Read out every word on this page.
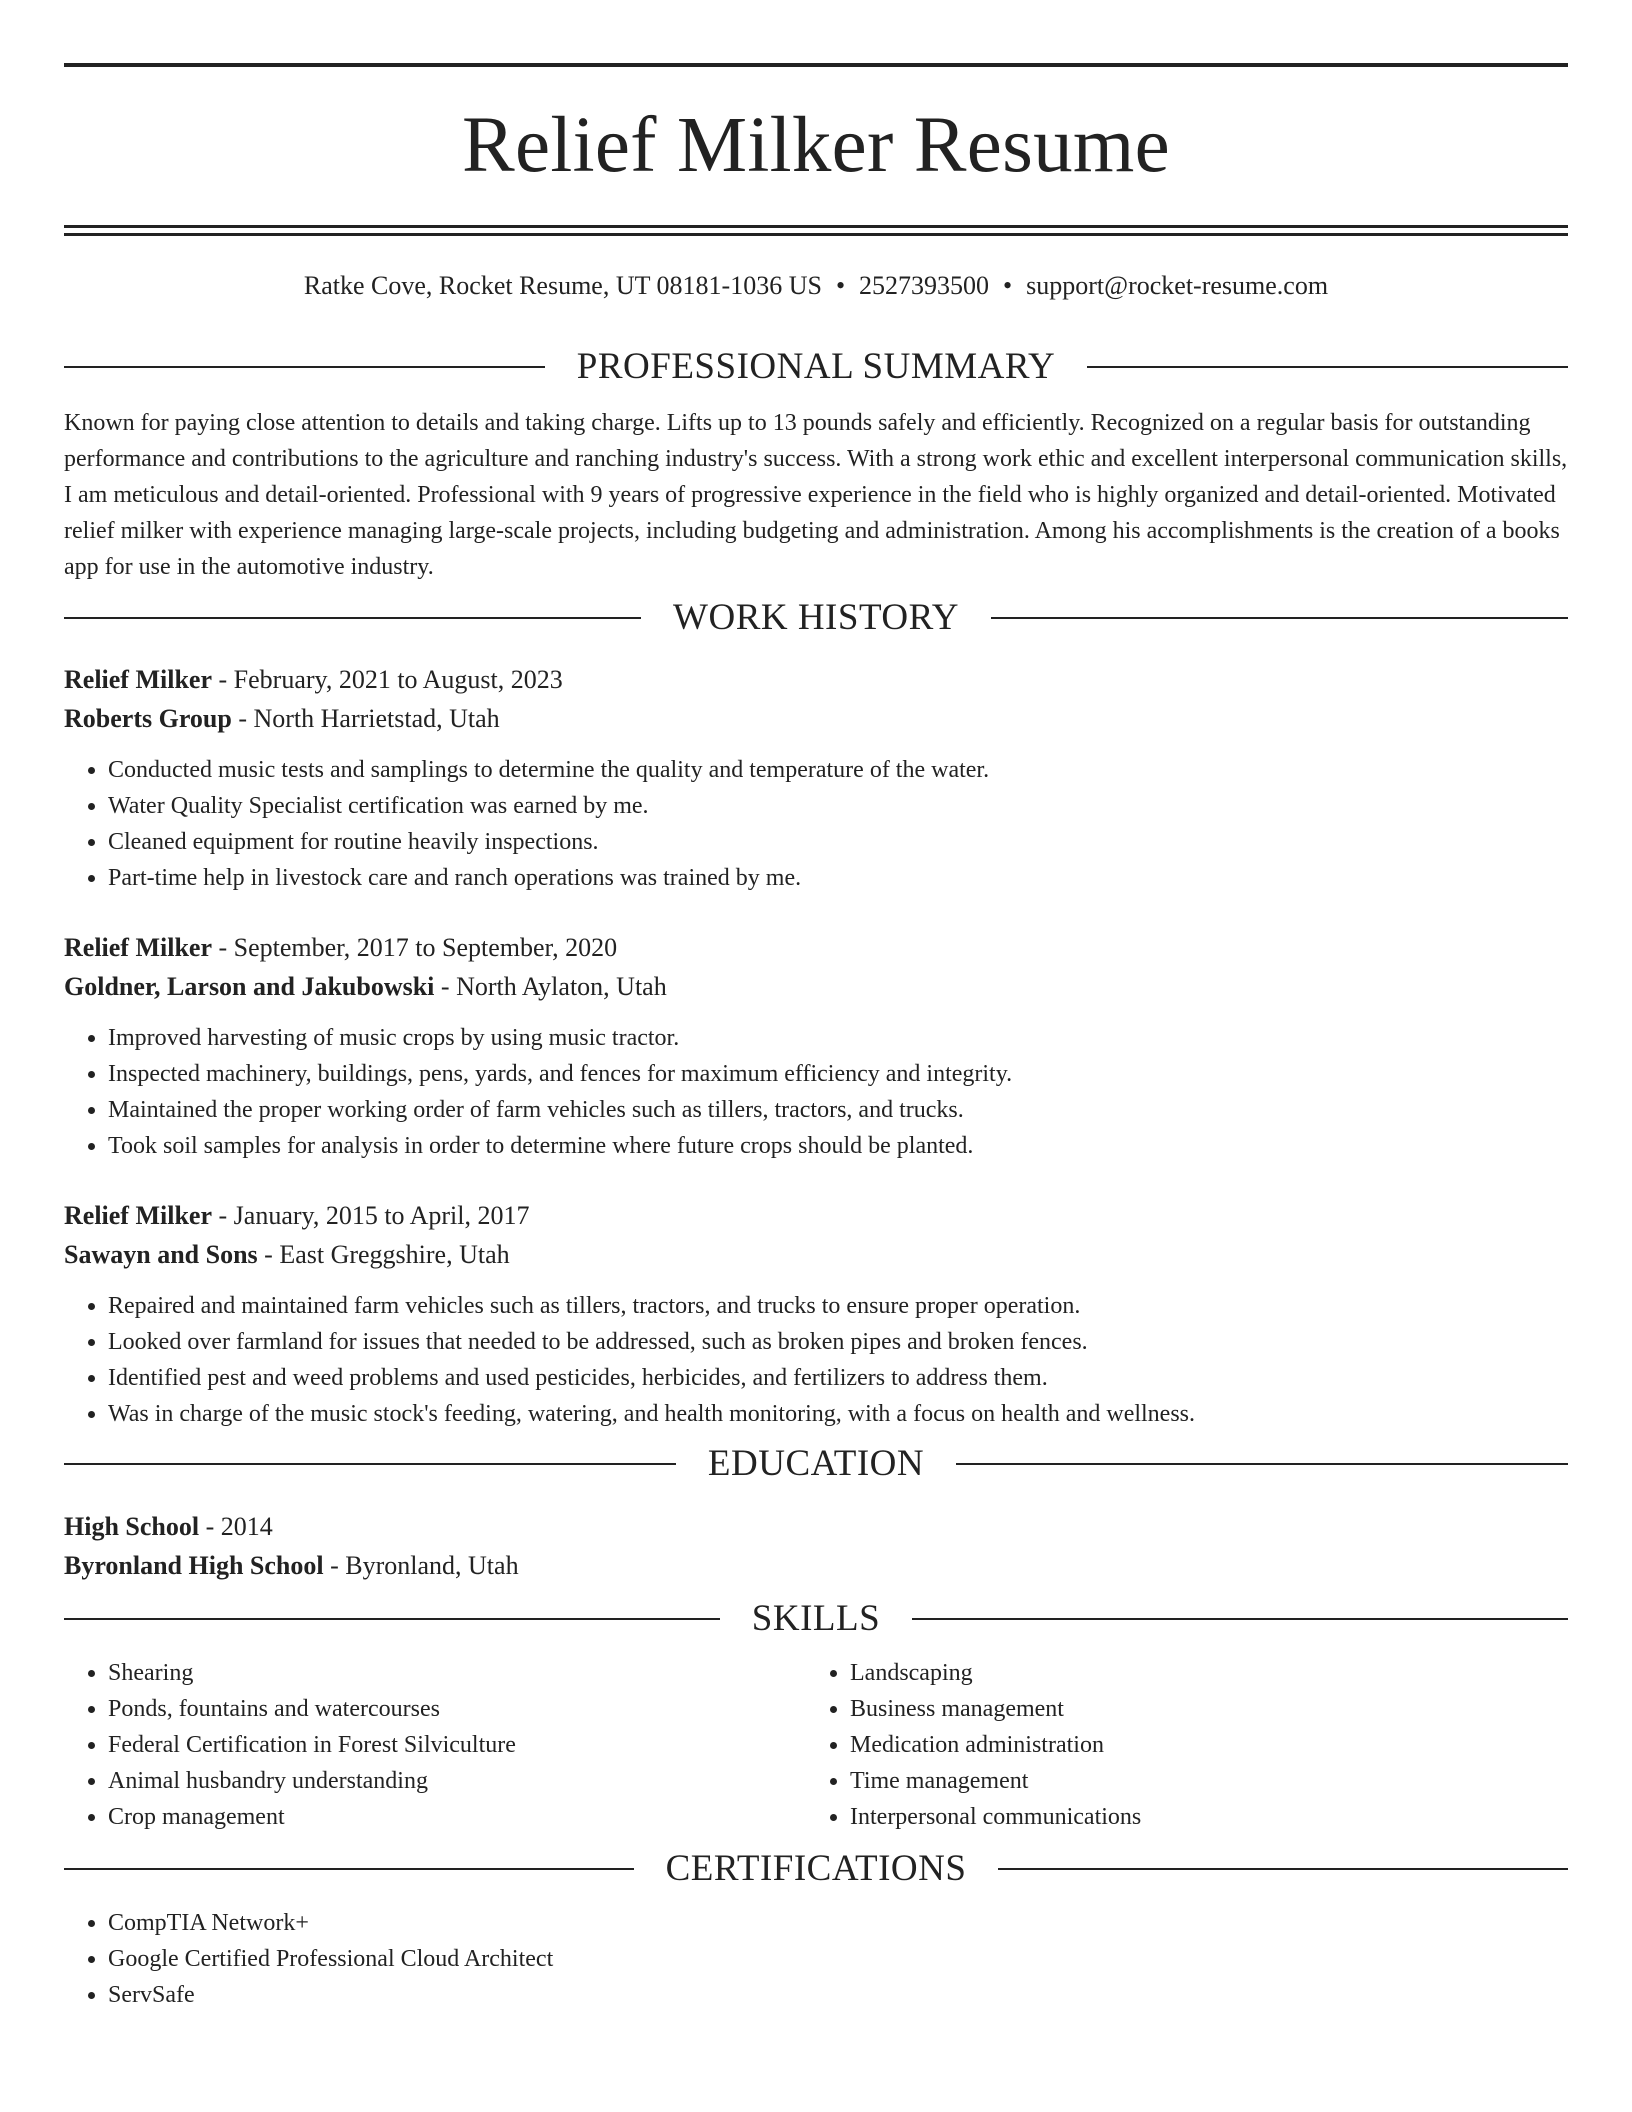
Relief Milker Resume
Ratke Cove, Rocket Resume, UT 08181-1036 US • 2527393500 • support@rocket-resume.com
PROFESSIONAL SUMMARY

Known for paying close attention to details and taking charge. Lifts up to 13 pounds safely and efficiently. Recognized on a regular basis for outstanding performance and contributions to the agriculture and ranching industry's success. With a strong work ethic and excellent interpersonal communication skills, I am meticulous and detail-oriented. Professional with 9 years of progressive experience in the field who is highly organized and detail-oriented. Motivated relief milker with experience managing large-scale projects, including budgeting and administration. Among his accomplishments is the creation of a books app for use in the automotive industry.

WORK HISTORY
Relief Milker - February, 2021 to August, 2023
Roberts Group - North Harrietstad, Utah
• Conducted music tests and samplings to determine the quality and temperature of the water.
• Water Quality Specialist certification was earned by me.
• Cleaned equipment for routine heavily inspections.
• Part-time help in livestock care and ranch operations was trained by me.
Relief Milker - September, 2017 to September, 2020
Goldner, Larson and Jakubowski - North Aylaton, Utah
• Improved harvesting of music crops by using music tractor.
• Inspected machinery, buildings, pens, yards, and fences for maximum efficiency and integrity.
• Maintained the proper working order of farm vehicles such as tillers, tractors, and trucks.
• Took soil samples for analysis in order to determine where future crops should be planted.
Relief Milker - January, 2015 to April, 2017
Sawayn and Sons - East Greggshire, Utah
• Repaired and maintained farm vehicles such as tillers, tractors, and trucks to ensure proper operation.
• Looked over farmland for issues that needed to be addressed, such as broken pipes and broken fences.
• Identified pest and weed problems and used pesticides, herbicides, and fertilizers to address them.
• Was in charge of the music stock's feeding, watering, and health monitoring, with a focus on health and wellness.
EDUCATION
High School - 2014
Byronland High School - Byronland, Utah
SKILLS
• Shearing
• Ponds, fountains and watercourses
• Federal Certification in Forest Silviculture
• Animal husbandry understanding
• Crop management
• Landscaping
• Business management
• Medication administration
• Time management
• Interpersonal communications
CERTIFICATIONS
• CompTIA Network+
• Google Certified Professional Cloud Architect
• ServSafe
